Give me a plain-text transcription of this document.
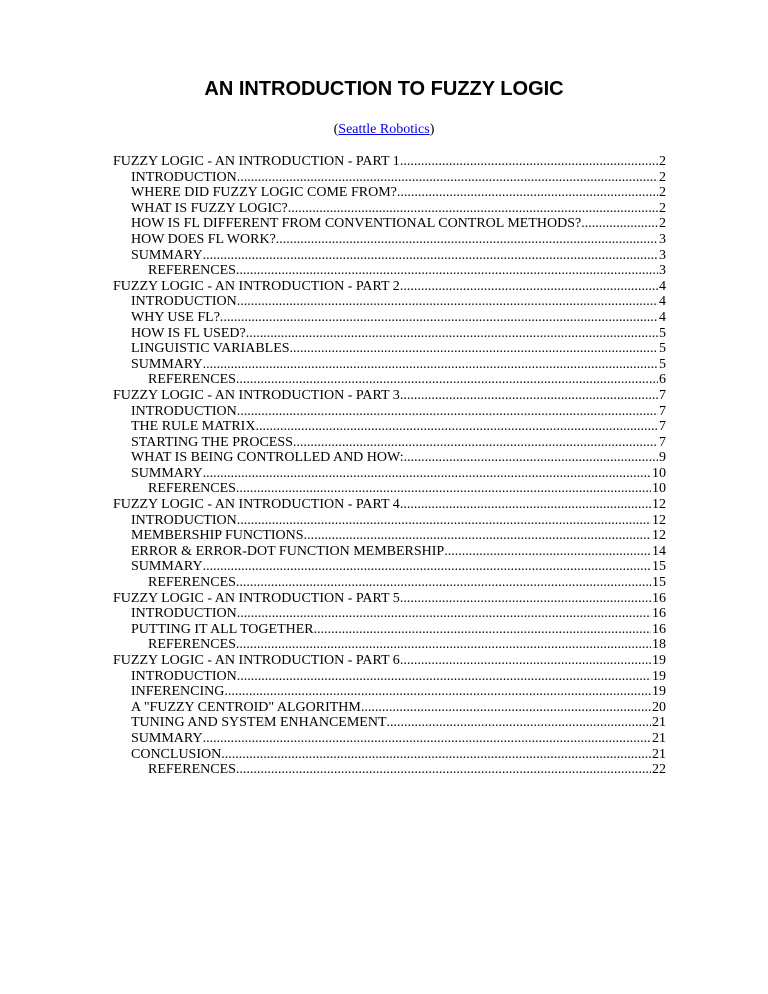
AN INTRODUCTION TO FUZZY LOGIC
(Seattle Robotics)
FUZZY LOGIC - AN INTRODUCTION - PART 1 .....	2
INTRODUCTION .....	2
WHERE DID FUZZY LOGIC COME FROM? .....	2
WHAT IS FUZZY LOGIC? .....	2
HOW IS FL DIFFERENT FROM CONVENTIONAL CONTROL METHODS? .....	2
HOW DOES FL WORK? .....	3
SUMMARY .....	3
REFERENCES .....	3
FUZZY LOGIC - AN INTRODUCTION - PART 2 .....	4
INTRODUCTION .....	4
WHY USE FL? .....	4
HOW IS FL USED? .....	5
LINGUISTIC VARIABLES .....	5
SUMMARY .....	5
REFERENCES .....	6
FUZZY LOGIC - AN INTRODUCTION - PART 3 .....	7
INTRODUCTION .....	7
THE RULE MATRIX .....	7
STARTING THE PROCESS .....	7
WHAT IS BEING CONTROLLED AND HOW: .....	9
SUMMARY .....	10
REFERENCES .....	10
FUZZY LOGIC - AN INTRODUCTION - PART 4 .....	12
INTRODUCTION .....	12
MEMBERSHIP FUNCTIONS .....	12
ERROR & ERROR-DOT FUNCTION MEMBERSHIP .....	14
SUMMARY .....	15
REFERENCES .....	15
FUZZY LOGIC - AN INTRODUCTION - PART 5 .....	16
INTRODUCTION .....	16
PUTTING IT ALL TOGETHER .....	16
REFERENCES .....	18
FUZZY LOGIC - AN INTRODUCTION - PART 6 .....	19
INTRODUCTION .....	19
INFERENCING .....	19
A "FUZZY CENTROID" ALGORITHM .....	20
TUNING AND SYSTEM ENHANCEMENT .....	21
SUMMARY .....	21
CONCLUSION .....	21
REFERENCES .....	22
